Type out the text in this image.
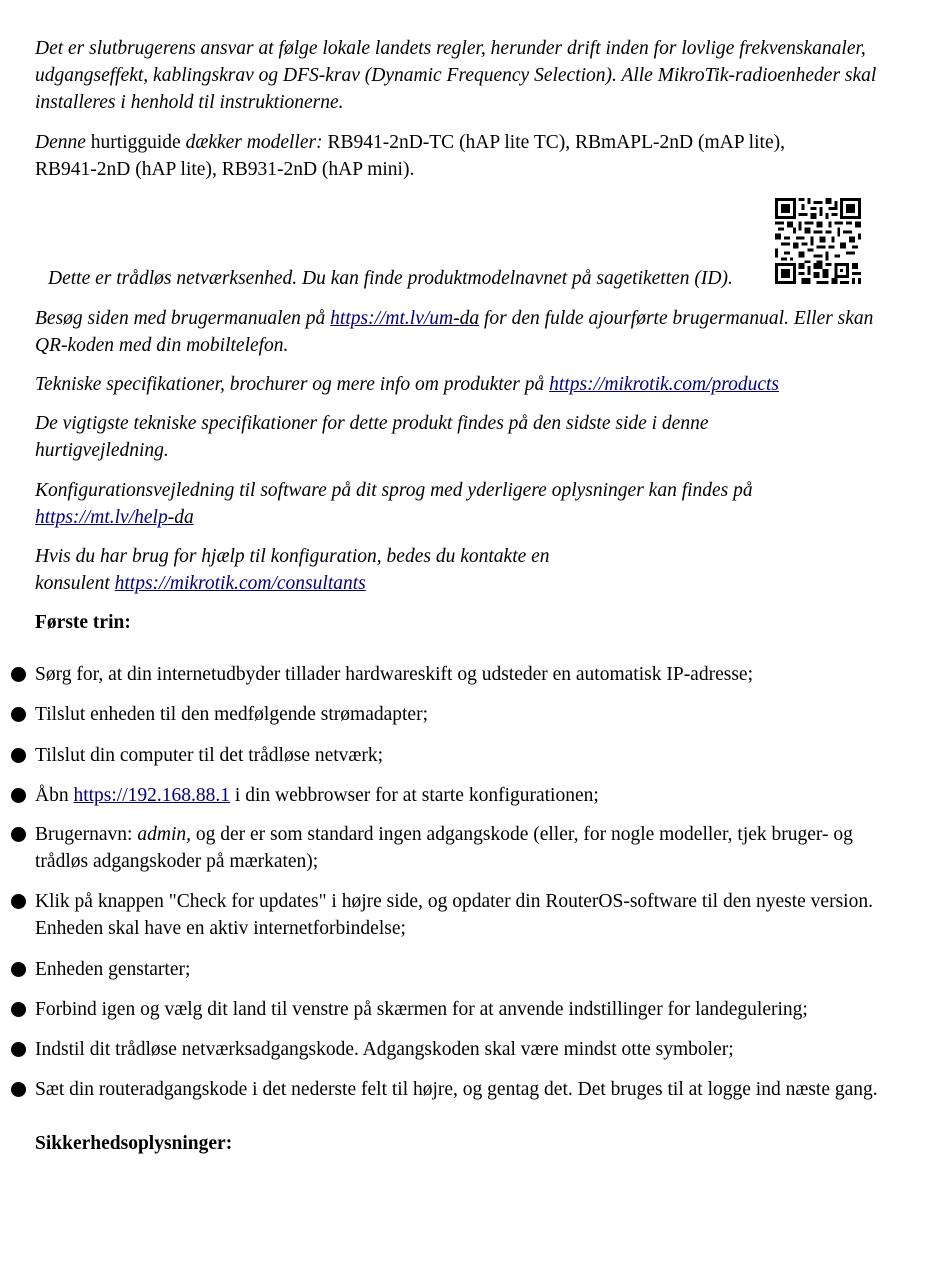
Det er slutbrugerens ansvar at følge lokale landets regler, herunder drift inden for lovlige frekvenskanaler, udgangseffekt, kablingskrav og DFS-krav (Dynamic Frequency Selection). Alle MikroTik-radioenheder skal installeres i henhold til instruktionerne.

Denne hurtigguide dækker modeller: RB941-2nD-TC (hAP lite TC), RBmAPL-2nD (mAP lite), RB941-2nD (hAP lite), RB931-2nD (hAP mini).

Dette er trådløs netværksenhed. Du kan finde produktmodelnavnet på sagetiketten (ID).

Besøg siden med brugermanualen på https://mt.lv/um-da for den fulde ajourførte brugermanual. Eller skan QR-koden med din mobiltelefon.

Tekniske specifikationer, brochurer og mere info om produkter på https://mikrotik.com/products

De vigtigste tekniske specifikationer for dette produkt findes på den sidste side i denne hurtigvejledning.

Konfigurationsvejledning til software på dit sprog med yderligere oplysninger kan findes på https://mt.lv/help-da

Hvis du har brug for hjælp til konfiguration, bedes du kontakte en konsulent https://mikrotik.com/consultants

Første trin:

Sørg for, at din internetudbyder tillader hardwareskift og udsteder en automatisk IP-adresse;

Tilslut enheden til den medfølgende strømadapter;

Tilslut din computer til det trådløse netværk;

Åbn https://192.168.88.1 i din webbrowser for at starte konfigurationen;

Brugernavn: admin, og der er som standard ingen adgangskode (eller, for nogle modeller, tjek bruger- og trådløs adgangskoder på mærkaten);

Klik på knappen "Check for updates" i højre side, og opdater din RouterOS-software til den nyeste version. Enheden skal have en aktiv internetforbindelse;

Enheden genstarter;

Forbind igen og vælg dit land til venstre på skærmen for at anvende indstillinger for landegulering;

Indstil dit trådløse netværksadgangskode. Adgangskoden skal være mindst otte symboler;

Sæt din routeradgangskode i det nederste felt til højre, og gentag det. Det bruges til at logge ind næste gang.

Sikkerhedsoplysninger:
